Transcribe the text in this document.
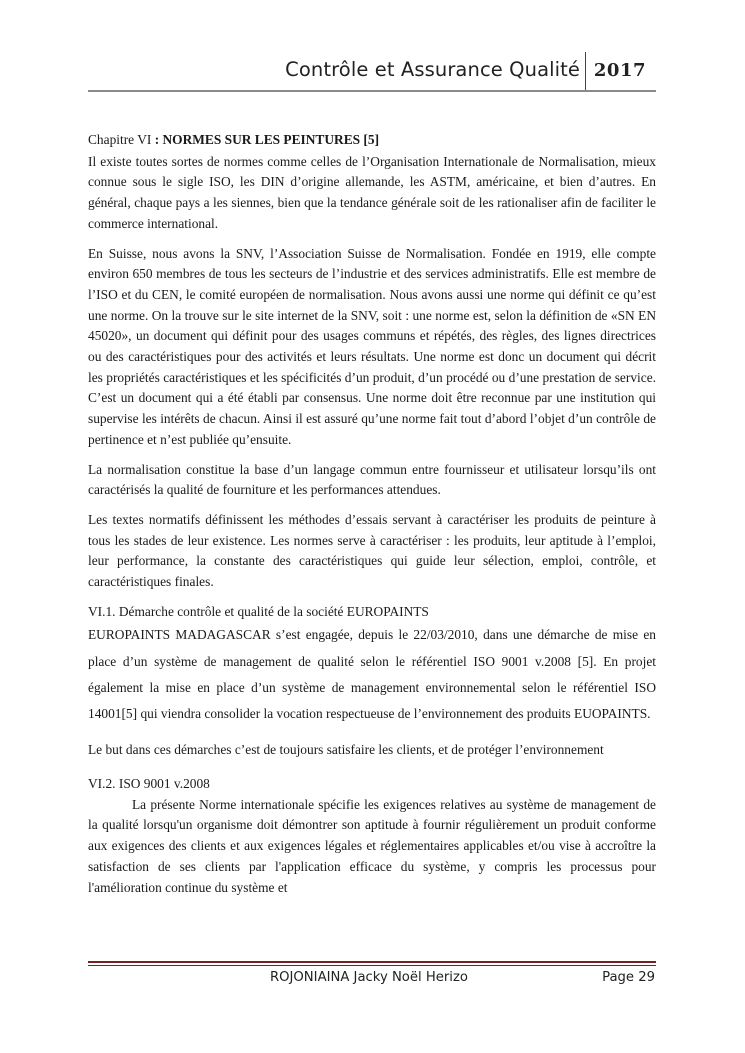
Contrôle et Assurance Qualité 2017

Chapitre VI : NORMES SUR LES PEINTURES [5]

Il existe toutes sortes de normes comme celles de l’Organisation Internationale de Normalisation, mieux connue sous le sigle ISO, les DIN d’origine allemande, les ASTM, américaine, et bien d’autres. En général, chaque pays a les siennes, bien que la tendance générale soit de les rationaliser afin de faciliter le commerce international.

En Suisse, nous avons la SNV, l’Association Suisse de Normalisation. Fondée en 1919, elle compte environ 650 membres de tous les secteurs de l’industrie et des services administratifs. Elle est membre de l’ISO et du CEN, le comité européen de normalisation. Nous avons aussi une norme qui définit ce qu’est une norme. On la trouve sur le site internet de la SNV, soit : une norme est, selon la définition de «SN EN 45020», un document qui définit pour des usages communs et répétés, des règles, des lignes directrices ou des caractéristiques pour des activités et leurs résultats. Une norme est donc un document qui décrit les propriétés caractéristiques et les spécificités d’un produit, d’un procédé ou d’une prestation de service. C’est un document qui a été établi par consensus. Une norme doit être reconnue par une institution qui supervise les intérêts de chacun. Ainsi il est assuré qu’une norme fait tout d’abord l’objet d’un contrôle de pertinence et n’est publiée qu’ensuite.

La normalisation constitue la base d’un langage commun entre fournisseur et utilisateur lorsqu’ils ont caractérisés la qualité de fourniture et les performances attendues.

Les textes normatifs définissent les méthodes d’essais servant à caractériser les produits de peinture à tous les stades de leur existence. Les normes serve à caractériser : les produits, leur aptitude à l’emploi, leur performance, la constante des caractéristiques qui guide leur sélection, emploi, contrôle, et caractéristiques finales.

VI.1. Démarche contrôle et qualité de la société EUROPAINTS

EUROPAINTS MADAGASCAR s’est engagée, depuis le 22/03/2010, dans une démarche de mise en place d’un système de management de qualité selon le référentiel ISO 9001 v.2008 [5]. En projet également la mise en place d’un système de management environnemental selon le référentiel ISO 14001[5] qui viendra consolider la vocation respectueuse de l’environnement des produits EUOPAINTS.

Le but dans ces démarches c’est de toujours satisfaire les clients, et de protéger l’environnement

VI.2. ISO 9001 v.2008

La présente Norme internationale spécifie les exigences relatives au système de management de la qualité lorsqu'un organisme doit démontrer son aptitude à fournir régulièrement un produit conforme aux exigences des clients et aux exigences légales et réglementaires applicables et/ou vise à accroître la satisfaction de ses clients par l'application efficace du système, y compris les processus pour l'amélioration continue du système et

ROJONIAINA Jacky Noël Herizo	Page 29
